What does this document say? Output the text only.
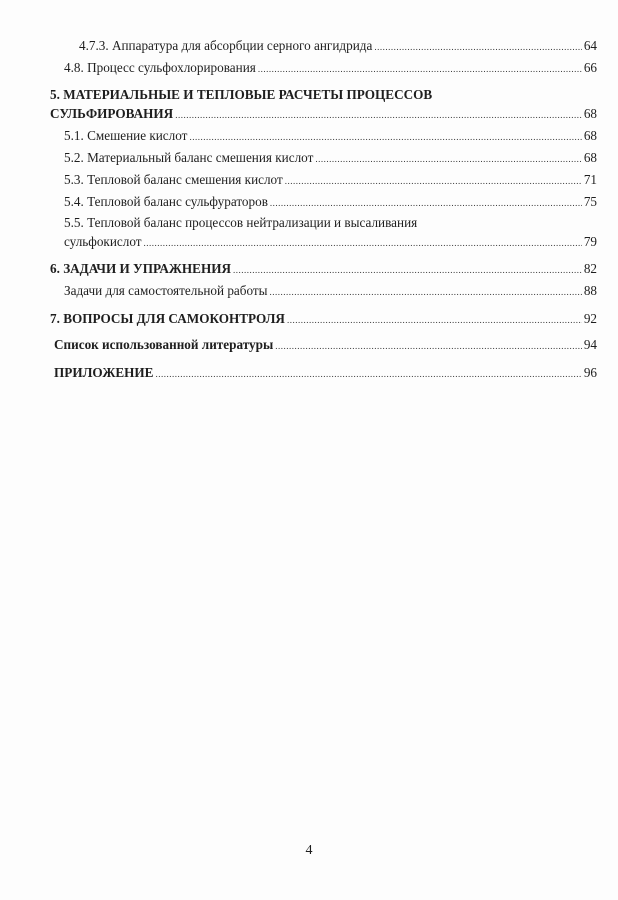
4.7.3. Аппаратура для абсорбции серного ангидрида .....	64
4.8. Процесс сульфохлорирования .....	66
5. МАТЕРИАЛЬНЫЕ И ТЕПЛОВЫЕ РАСЧЕТЫ ПРОЦЕССОВ
СУЛЬФИРОВАНИЯ .....	68
5.1. Смешение кислот .....	68
5.2. Материальный баланс смешения кислот .....	68
5.3. Тепловой баланс смешения кислот .....	71
5.4. Тепловой баланс сульфураторов .....	75
5.5. Тепловой баланс процессов нейтрализации и высаливания
сульфокислот .....	79
6. ЗАДАЧИ И УПРАЖНЕНИЯ .....	82
Задачи для самостоятельной работы .....	88
7. ВОПРОСЫ ДЛЯ САМОКОНТРОЛЯ .....	92
Список использованной литературы .....	94
ПРИЛОЖЕНИЕ .....	96
4
